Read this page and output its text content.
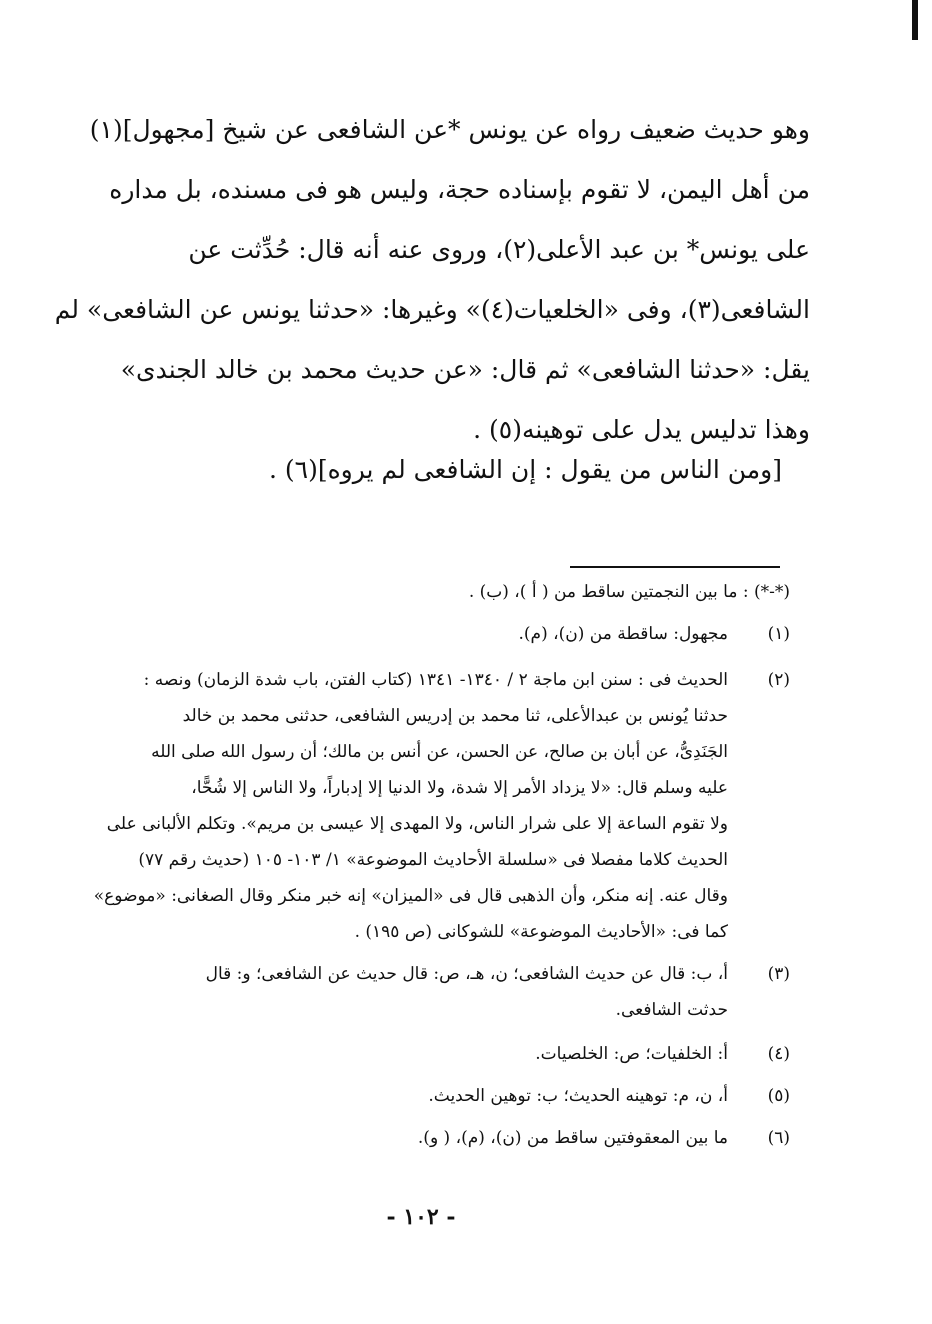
وهو حديث ضعيف رواه عن يونس *عن الشافعى عن شيخ [مجهول](١)
من أهل اليمن، لا تقوم بإسناده حجة، وليس هو فى مسنده، بل مداره
على يونس* بن عبد الأعلى(٢)، وروى عنه أنه قال: حُدِّثت عن
الشافعى(٣)، وفى «الخلعيات(٤)» وغيرها: «حدثنا يونس عن الشافعى» لم
يقل: «حدثنا الشافعى» ثم قال: «عن حديث محمد بن خالد الجندى»
وهذا تدليس يدل على توهينه(٥) .
[ومن الناس من يقول : إن الشافعى لم يروه](٦) .
(*-*) : ما بين النجمتين ساقط من ( أ )، (ب) .
(١)
مجهول: ساقطة من (ن)، (م).
(٢)
الحديث فى : سنن ابن ماجة ٢ / ١٣٤٠- ١٣٤١ (كتاب الفتن، باب شدة الزمان) ونصه :
حدثنا يُونس بن عبدالأعلى، ثنا محمد بن إدريس الشافعى، حدثنى محمد بن خالد
الجَنَدِىُّ، عن أبان بن صالح، عن الحسن، عن أنس بن مالك؛ أن رسول الله صلى الله
عليه وسلم قال: «لا يزداد الأمر إلا شدة، ولا الدنيا إلا إدباراً، ولا الناس إلا شُحًّا،
ولا تقوم الساعة إلا على شرار الناس، ولا المهدى إلا عيسى بن مريم». وتكلم الألبانى على
الحديث كلاما مفصلا فى «سلسلة الأحاديث الموضوعة» ١/ ١٠٣- ١٠٥ (حديث رقم ٧٧)
وقال عنه. إنه منكر، وأن الذهبى قال فى «الميزان» إنه خبر منكر وقال الصغانى: «موضوع»
كما فى: «الأحاديث الموضوعة» للشوكانى (ص ١٩٥) .
(٣)
أ، ب: قال عن حديث الشافعى؛ ن، هـ، ص: قال حديث عن الشافعى؛ و: قال
حدثت الشافعى.
(٤)
أ: الخلفيات؛ ص: الخلصيات.
(٥)
أ، ن، م: توهينه الحديث؛ ب: توهين الحديث.
(٦)
ما بين المعقوفتين ساقط من (ن)، (م)، ( و).
- ١٠٢ -
